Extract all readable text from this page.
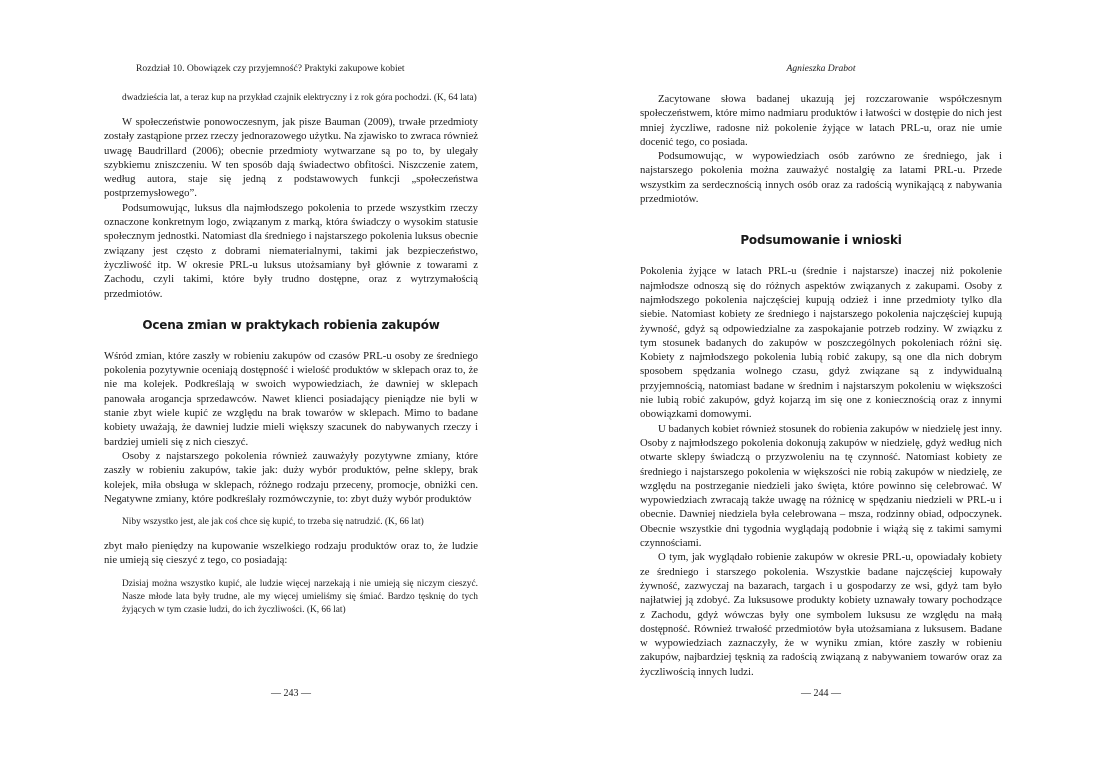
Rozdział 10. Obowiązek czy przyjemność? Praktyki zakupowe kobiet
dwadzieścia lat, a teraz kup na przykład czajnik elektryczny i z rok góra pochodzi. (K, 64 lata)

W społeczeństwie ponowoczesnym, jak pisze Bauman (2009), trwałe przedmioty zostały zastąpione przez rzeczy jednorazowego użytku. Na zjawisko to zwraca również uwagę Baudrillard (2006); obecnie przedmioty wytwarzane są po to, by ulegały szybkiemu zniszczeniu. W ten sposób dają świadectwo obfitości. Niszczenie zatem, według autora, staje się jedną z podstawowych funkcji „społeczeństwa postprzemysłowego”.

Podsumowując, luksus dla najmłodszego pokolenia to przede wszystkim rzeczy oznaczone konkretnym logo, związanym z marką, która świadczy o wysokim statusie społecznym jednostki. Natomiast dla średniego i najstarszego pokolenia luksus obecnie związany jest często z dobrami niematerialnymi, takimi jak bezpieczeństwo, życzliwość itp. W okresie PRL-u luksus utożsamiany był głównie z towarami z Zachodu, czyli takimi, które były trudno dostępne, oraz z wytrzymałością przedmiotów.

Ocena zmian w praktykach robienia zakupów

Wśród zmian, które zaszły w robieniu zakupów od czasów PRL-u osoby ze średniego pokolenia pozytywnie oceniają dostępność i wielość produktów w sklepach oraz to, że nie ma kolejek. Podkreślają w swoich wypowiedziach, że dawniej w sklepach panowała arogancja sprzedawców. Nawet klienci posiadający pieniądze nie byli w stanie zbyt wiele kupić ze względu na brak towarów w sklepach. Mimo to badane kobiety uważają, że dawniej ludzie mieli większy szacunek do nabywanych rzeczy i bardziej umieli się z nich cieszyć.

Osoby z najstarszego pokolenia również zauważyły pozytywne zmiany, które zaszły w robieniu zakupów, takie jak: duży wybór produktów, pełne sklepy, brak kolejek, miła obsługa w sklepach, różnego rodzaju przeceny, promocje, obniżki cen. Negatywne zmiany, które podkreślały rozmówczynie, to: zbyt duży wybór produktów

Niby wszystko jest, ale jak coś chce się kupić, to trzeba się natrudzić. (K, 66 lat)

zbyt mało pieniędzy na kupowanie wszelkiego rodzaju produktów oraz to, że ludzie nie umieją się cieszyć z tego, co posiadają:

Dzisiaj można wszystko kupić, ale ludzie więcej narzekają i nie umieją się niczym cieszyć. Nasze młode lata były trudne, ale my więcej umieliśmy się śmiać. Bardzo tęsknię do tych żyjących w tym czasie ludzi, do ich życzliwości. (K, 66 lat)
Agnieszka Drabot

Zacytowane słowa badanej ukazują jej rozczarowanie współczesnym społeczeństwem, które mimo nadmiaru produktów i łatwości w dostępie do nich jest mniej życzliwe, radosne niż pokolenie żyjące w latach PRL-u, oraz nie umie docenić tego, co posiada.

Podsumowując, w wypowiedziach osób zarówno ze średniego, jak i najstarszego pokolenia można zauważyć nostalgię za latami PRL-u. Przede wszystkim za serdecznością innych osób oraz za radością wynikającą z nabywania przedmiotów.

Podsumowanie i wnioski

Pokolenia żyjące w latach PRL-u (średnie i najstarsze) inaczej niż pokolenie najmłodsze odnoszą się do różnych aspektów związanych z zakupami. Osoby z najmłodszego pokolenia najczęściej kupują odzież i inne przedmioty tylko dla siebie. Natomiast kobiety ze średniego i najstarszego pokolenia najczęściej kupują żywność, gdyż są odpowiedzialne za zaspokajanie potrzeb rodziny. W związku z tym stosunek badanych do zakupów w poszczególnych pokoleniach różni się. Kobiety z najmłodszego pokolenia lubią robić zakupy, są one dla nich dobrym sposobem spędzania wolnego czasu, gdyż związane są z indywidualną przyjemnością, natomiast badane w średnim i najstarszym pokoleniu w większości nie lubią robić zakupów, gdyż kojarzą im się one z koniecznością oraz z innymi obowiązkami domowymi.

U badanych kobiet również stosunek do robienia zakupów w niedzielę jest inny. Osoby z najmłodszego pokolenia dokonują zakupów w niedzielę, gdyż według nich otwarte sklepy świadczą o przyzwoleniu na tę czynność. Natomiast kobiety ze średniego i najstarszego pokolenia w większości nie robią zakupów w niedzielę, ze względu na postrzeganie niedzieli jako święta, które powinno się celebrować. W wypowiedziach zwracają także uwagę na różnicę w spędzaniu niedzieli w PRL-u i obecnie. Dawniej niedziela była celebrowana – msza, rodzinny obiad, odpoczynek. Obecnie wszystkie dni tygodnia wyglądają podobnie i wiążą się z takimi samymi czynnościami.

O tym, jak wyglądało robienie zakupów w okresie PRL-u, opowiadały kobiety ze średniego i starszego pokolenia. Wszystkie badane najczęściej kupowały żywność, zazwyczaj na bazarach, targach i u gospodarzy ze wsi, gdyż tam było najłatwiej ją zdobyć. Za luksusowe produkty kobiety uznawały towary pochodzące z Zachodu, gdyż wówczas były one symbolem luksusu ze względu na małą dostępność. Również trwałość przedmiotów była utożsamiana z luksusem. Badane w wypowiedziach zaznaczyły, że w wyniku zmian, które zaszły w robieniu zakupów, najbardziej tęsknią za radością związaną z nabywaniem towarów oraz za życzliwością innych ludzi.

— 243 —	— 244 —
